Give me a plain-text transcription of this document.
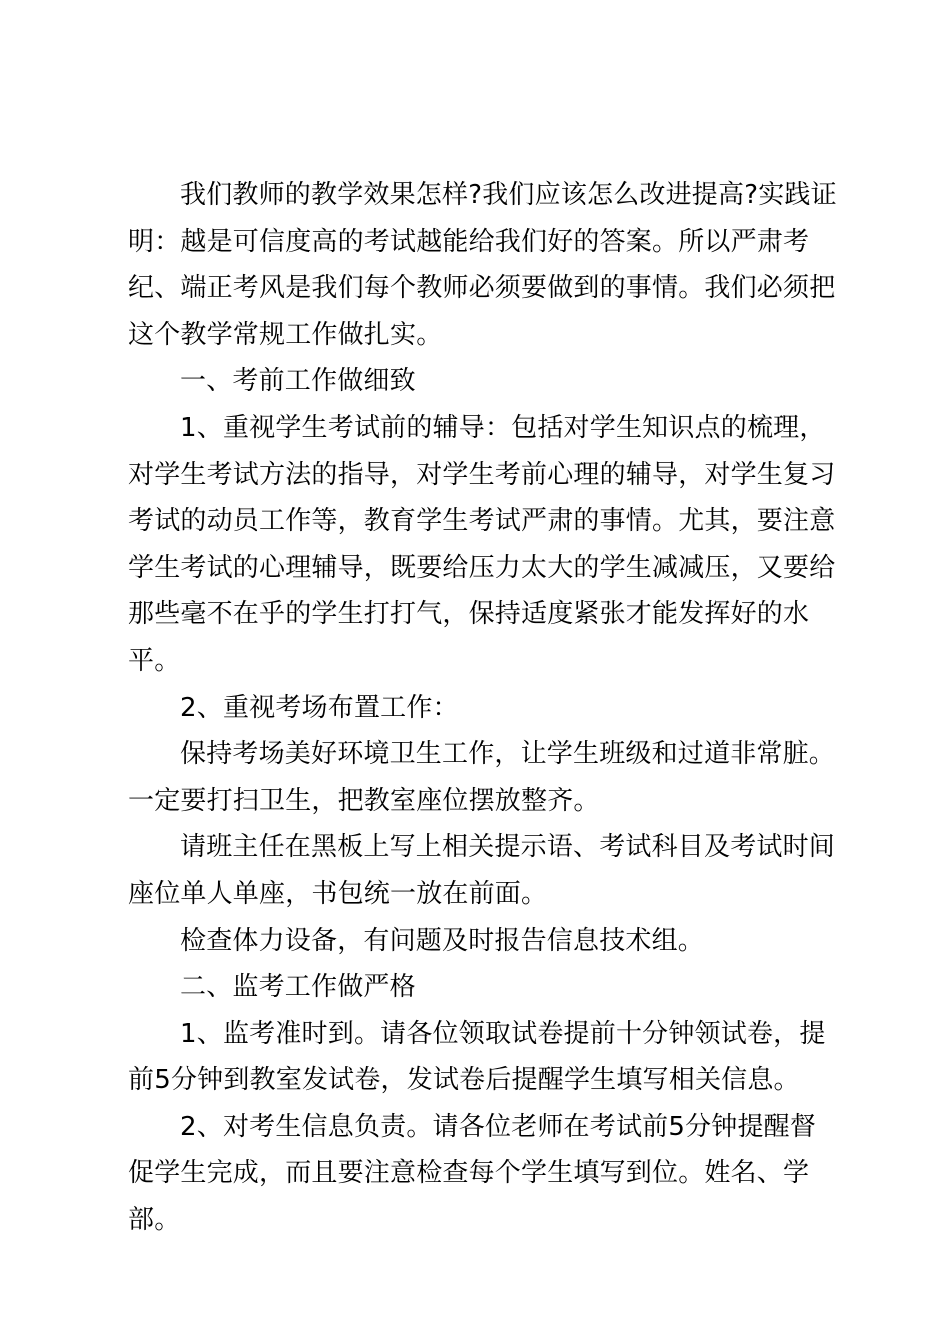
我们教师的教学效果怎样?我们应该怎么改进提高?实践证明：越是可信度高的考试越能给我们好的答案。所以严肃考纪、端正考风是我们每个教师必须要做到的事情。我们必须把这个教学常规工作做扎实。

一、考前工作做细致

1、重视学生考试前的辅导：包括对学生知识点的梳理，对学生考试方法的指导，对学生考前心理的辅导，对学生复习考试的动员工作等，教育学生考试严肃的事情。尤其，要注意学生考试的心理辅导，既要给压力太大的学生减减压，又要给那些毫不在乎的学生打打气，保持适度紧张才能发挥好的水平。

2、重视考场布置工作：

保持考场美好环境卫生工作，让学生班级和过道非常脏。一定要打扫卫生，把教室座位摆放整齐。

请班主任在黑板上写上相关提示语、考试科目及考试时间座位单人单座，书包统一放在前面。

检查体力设备，有问题及时报告信息技术组。

二、监考工作做严格

1、监考准时到。请各位领取试卷提前十分钟领试卷，提前5分钟到教室发试卷，发试卷后提醒学生填写相关信息。

2、对考生信息负责。请各位老师在考试前5分钟提醒督促学生完成，而且要注意检查每个学生填写到位。姓名、学部。
